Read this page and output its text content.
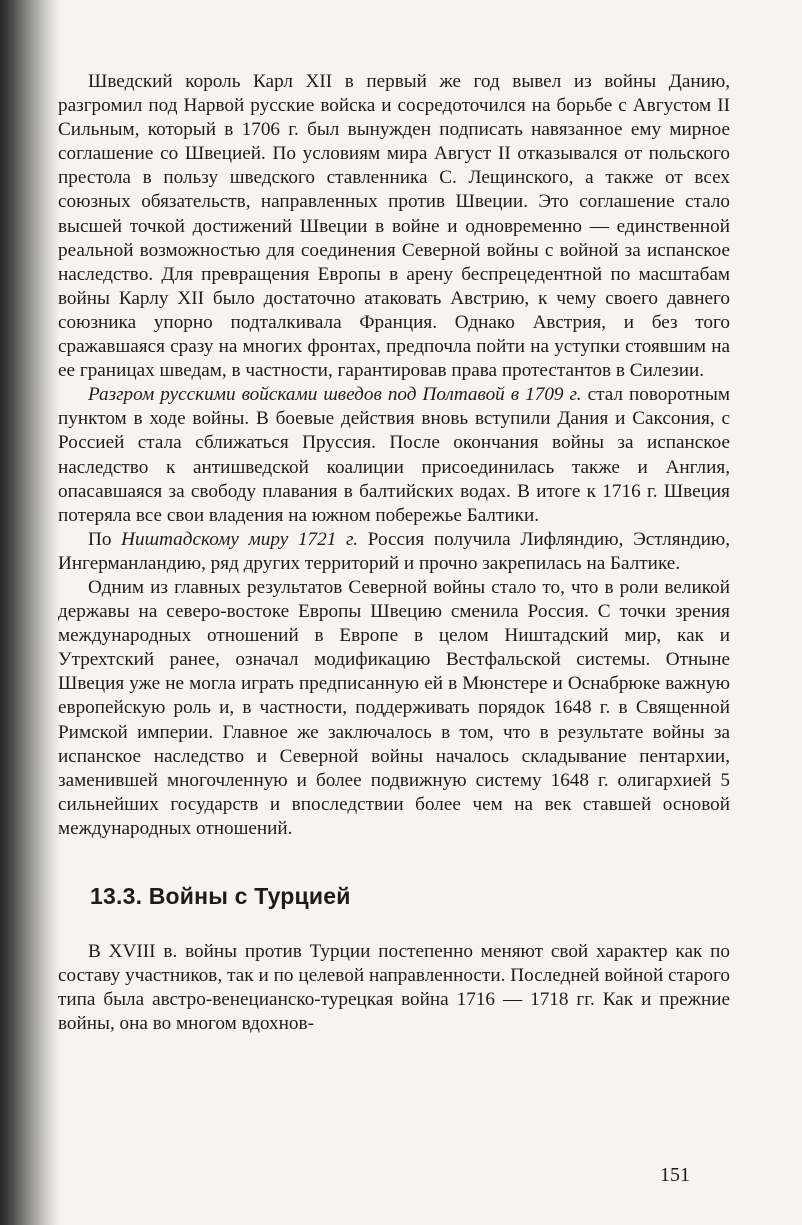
Шведский король Карл XII в первый же год вывел из войны Данию, разгромил под Нарвой русские войска и сосредоточился на борьбе с Августом II Сильным, который в 1706 г. был вынужден подписать навязанное ему мирное соглашение со Швецией. По условиям мира Август II отказывался от польского престола в пользу шведского ставленника С. Лещинского, а также от всех союзных обязательств, направленных против Швеции. Это соглашение стало высшей точкой достижений Швеции в войне и одновременно — единственной реальной возможностью для соединения Северной войны с войной за испанское наследство. Для превращения Европы в арену беспрецедентной по масштабам войны Карлу XII было достаточно атаковать Австрию, к чему своего давнего союзника упорно подталкивала Франция. Однако Австрия, и без того сражавшаяся сразу на многих фронтах, предпочла пойти на уступки стоявшим на ее границах шведам, в частности, гарантировав права протестантов в Силезии.

Разгром русскими войсками шведов под Полтавой в 1709 г. стал поворотным пунктом в ходе войны. В боевые действия вновь вступили Дания и Саксония, с Россией стала сближаться Пруссия. После окончания войны за испанское наследство к антишведской коалиции присоединилась также и Англия, опасавшаяся за свободу плавания в балтийских водах. В итоге к 1716 г. Швеция потеряла все свои владения на южном побережье Балтики.

По Ништадскому миру 1721 г. Россия получила Лифляндию, Эстляндию, Ингерманландию, ряд других территорий и прочно закрепилась на Балтике.

Одним из главных результатов Северной войны стало то, что в роли великой державы на северо-востоке Европы Швецию сменила Россия. С точки зрения международных отношений в Европе в целом Ништадский мир, как и Утрехтский ранее, означал модификацию Вестфальской системы. Отныне Швеция уже не могла играть предписанную ей в Мюнстере и Оснабрюке важную европейскую роль и, в частности, поддерживать порядок 1648 г. в Священной Римской империи. Главное же заключалось в том, что в результате войны за испанское наследство и Северной войны началось складывание пентархии, заменившей многочленную и более подвижную систему 1648 г. олигархией 5 сильнейших государств и впоследствии более чем на век ставшей основой международных отношений.

13.3. Войны с Турцией

В XVIII в. войны против Турции постепенно меняют свой характер как по составу участников, так и по целевой направленности. Последней войной старого типа была австро-венецианско-турецкая война 1716 — 1718 гг. Как и прежние войны, она во многом вдохнов-

151
